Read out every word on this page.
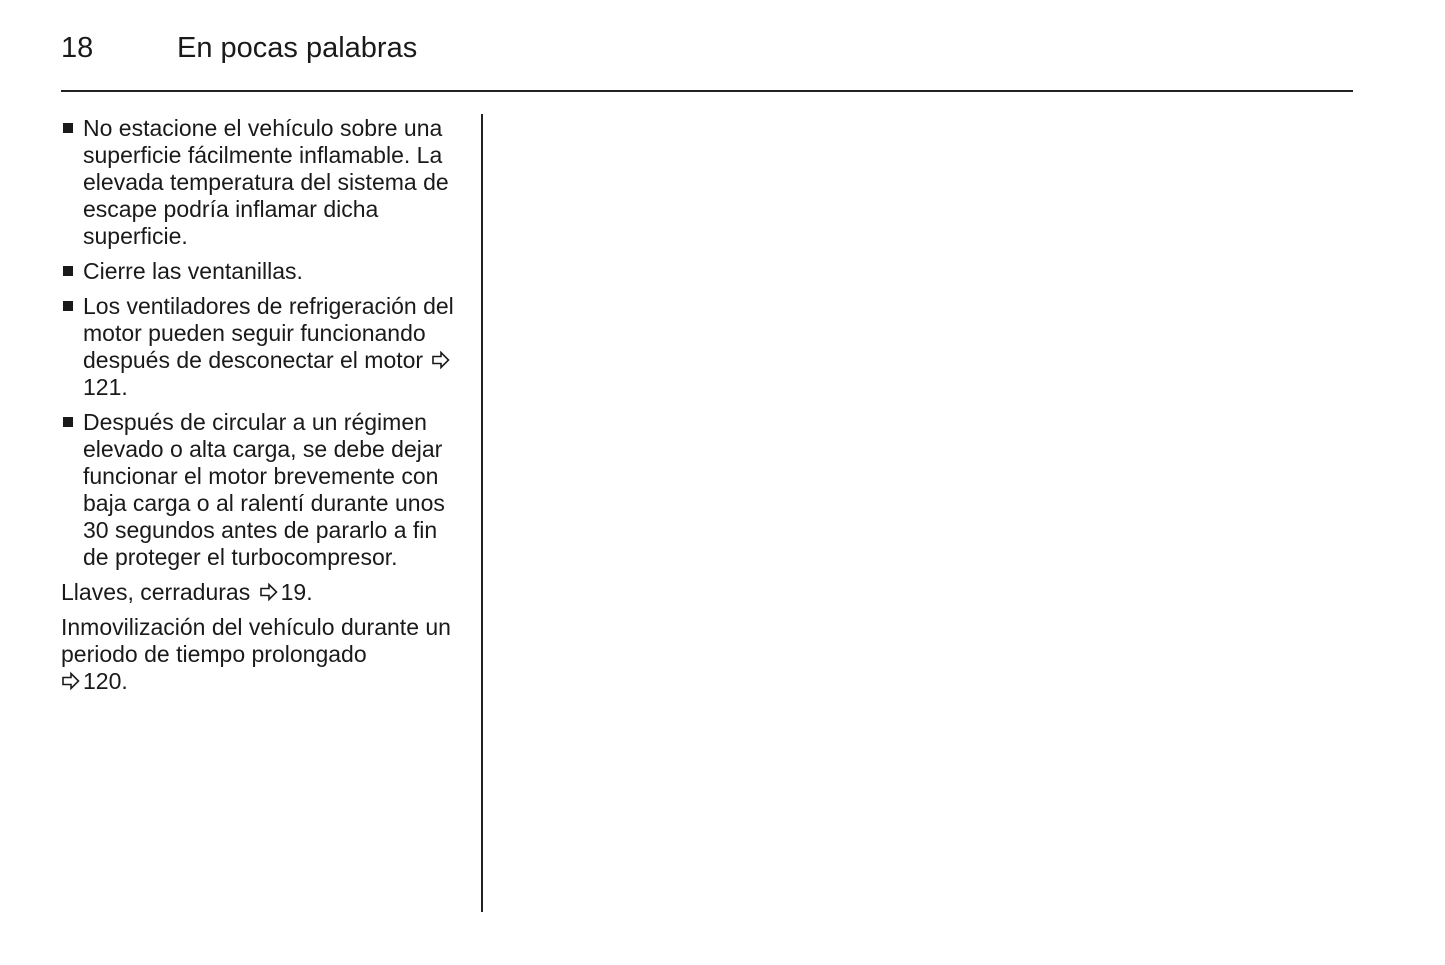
18	En pocas palabras
No estacione el vehículo sobre una superficie fácilmente inflamable. La elevada temperatura del sistema de escape podría inflamar dicha superficie.
Cierre las ventanillas.
Los ventiladores de refrigeración del motor pueden seguir funcionando después de desconectar el motor
121.
Después de circular a un régimen elevado o alta carga, se debe dejar funcionar el motor brevemente con baja carga o al ralentí durante unos 30 segundos antes de pararlo a fin de proteger el turbocompresor.

Llaves, cerraduras 19.

Inmovilización del vehículo durante un periodo de tiempo prolongado

120.
